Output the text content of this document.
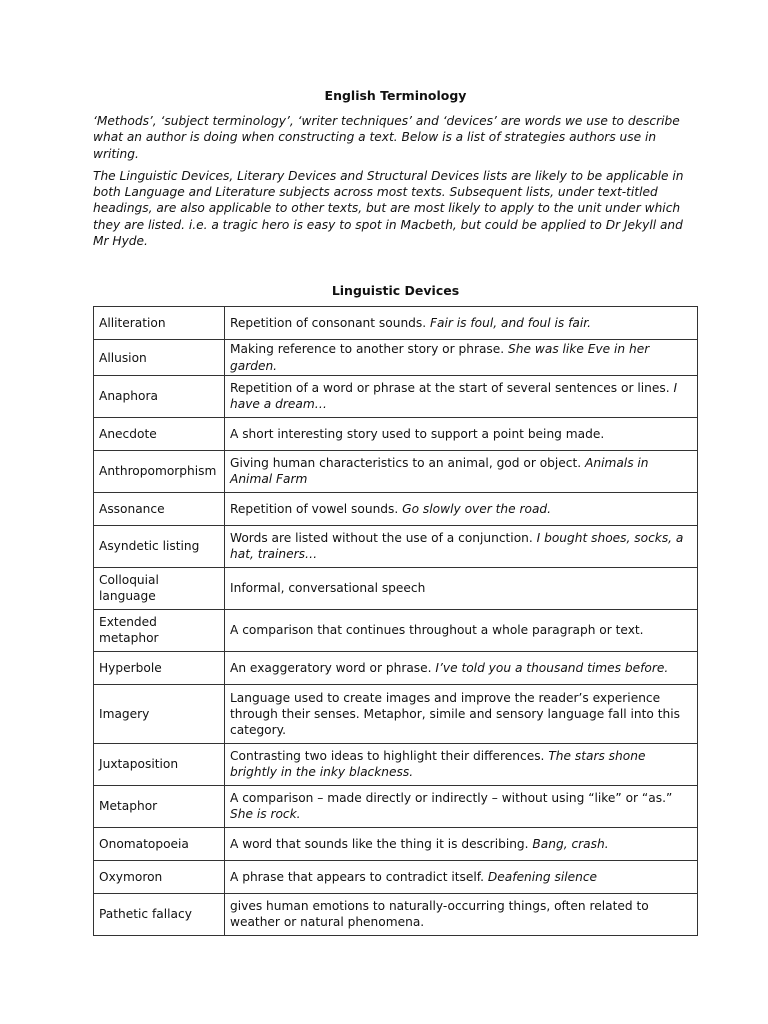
English Terminology

‘Methods’, ‘subject terminology’, ‘writer techniques’ and ‘devices’ are words we use to describe what an author is doing when constructing a text. Below is a list of strategies authors use in writing.

The Linguistic Devices, Literary Devices and Structural Devices lists are likely to be applicable in both Language and Literature subjects across most texts. Subsequent lists, under text-titled headings, are also applicable to other texts, but are most likely to apply to the unit under which they are listed. i.e. a tragic hero is easy to spot in Macbeth, but could be applied to Dr Jekyll and Mr Hyde.

Linguistic Devices
Alliteration	Repetition of consonant sounds. Fair is foul, and foul is fair.
Allusion	Making reference to another story or phrase. She was like Eve in her garden.
Anaphora	Repetition of a word or phrase at the start of several sentences or lines. I have a dream…
Anecdote	A short interesting story used to support a point being made.
Anthropomorphism	Giving human characteristics to an animal, god or object. Animals in Animal Farm
Assonance	Repetition of vowel sounds. Go slowly over the road.
Asyndetic listing	Words are listed without the use of a conjunction. I bought shoes, socks, a hat, trainers…
Colloquial language	Informal, conversational speech
Extended metaphor	A comparison that continues throughout a whole paragraph or text.
Hyperbole	An exaggeratory word or phrase. I’ve told you a thousand times before.
Imagery	Language used to create images and improve the reader’s experience through their senses. Metaphor, simile and sensory language fall into this category.
Juxtaposition	Contrasting two ideas to highlight their differences. The stars shone brightly in the inky blackness.
Metaphor	A comparison – made directly or indirectly – without using “like” or “as.” She is rock.
Onomatopoeia	A word that sounds like the thing it is describing. Bang, crash.
Oxymoron	A phrase that appears to contradict itself. Deafening silence
Pathetic fallacy	gives human emotions to naturally-occurring things, often related to weather or natural phenomena.
